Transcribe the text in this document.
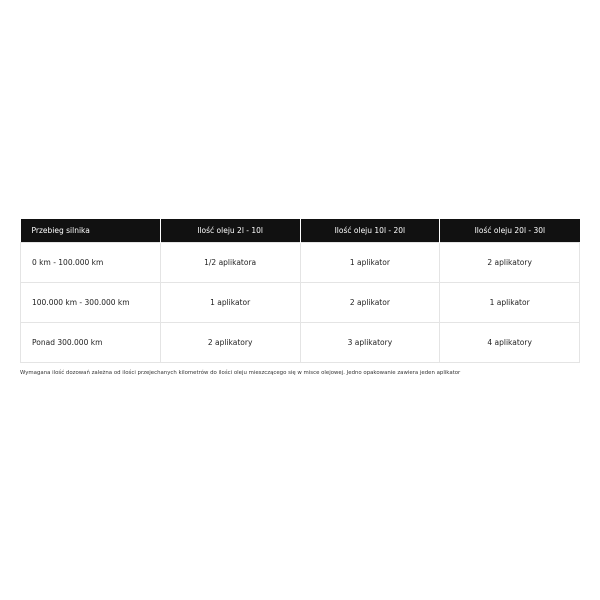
Przebieg silnika	Ilość oleju 2l - 10l	Ilość oleju 10l - 20l	Ilość oleju 20l - 30l
0 km - 100.000 km	1/2 aplikatora	1 aplikator	2 aplikatory
100.000 km - 300.000 km	1 aplikator	2 aplikator	1 aplikator
Ponad 300.000 km	2 aplikatory	3 aplikatory	4 aplikatory

Wymagana ilość dozowań zależna od ilości przejechanych kilometrów do ilości oleju mieszczącego się w misce olejowej. Jedno opakowanie zawiera jeden aplikator
